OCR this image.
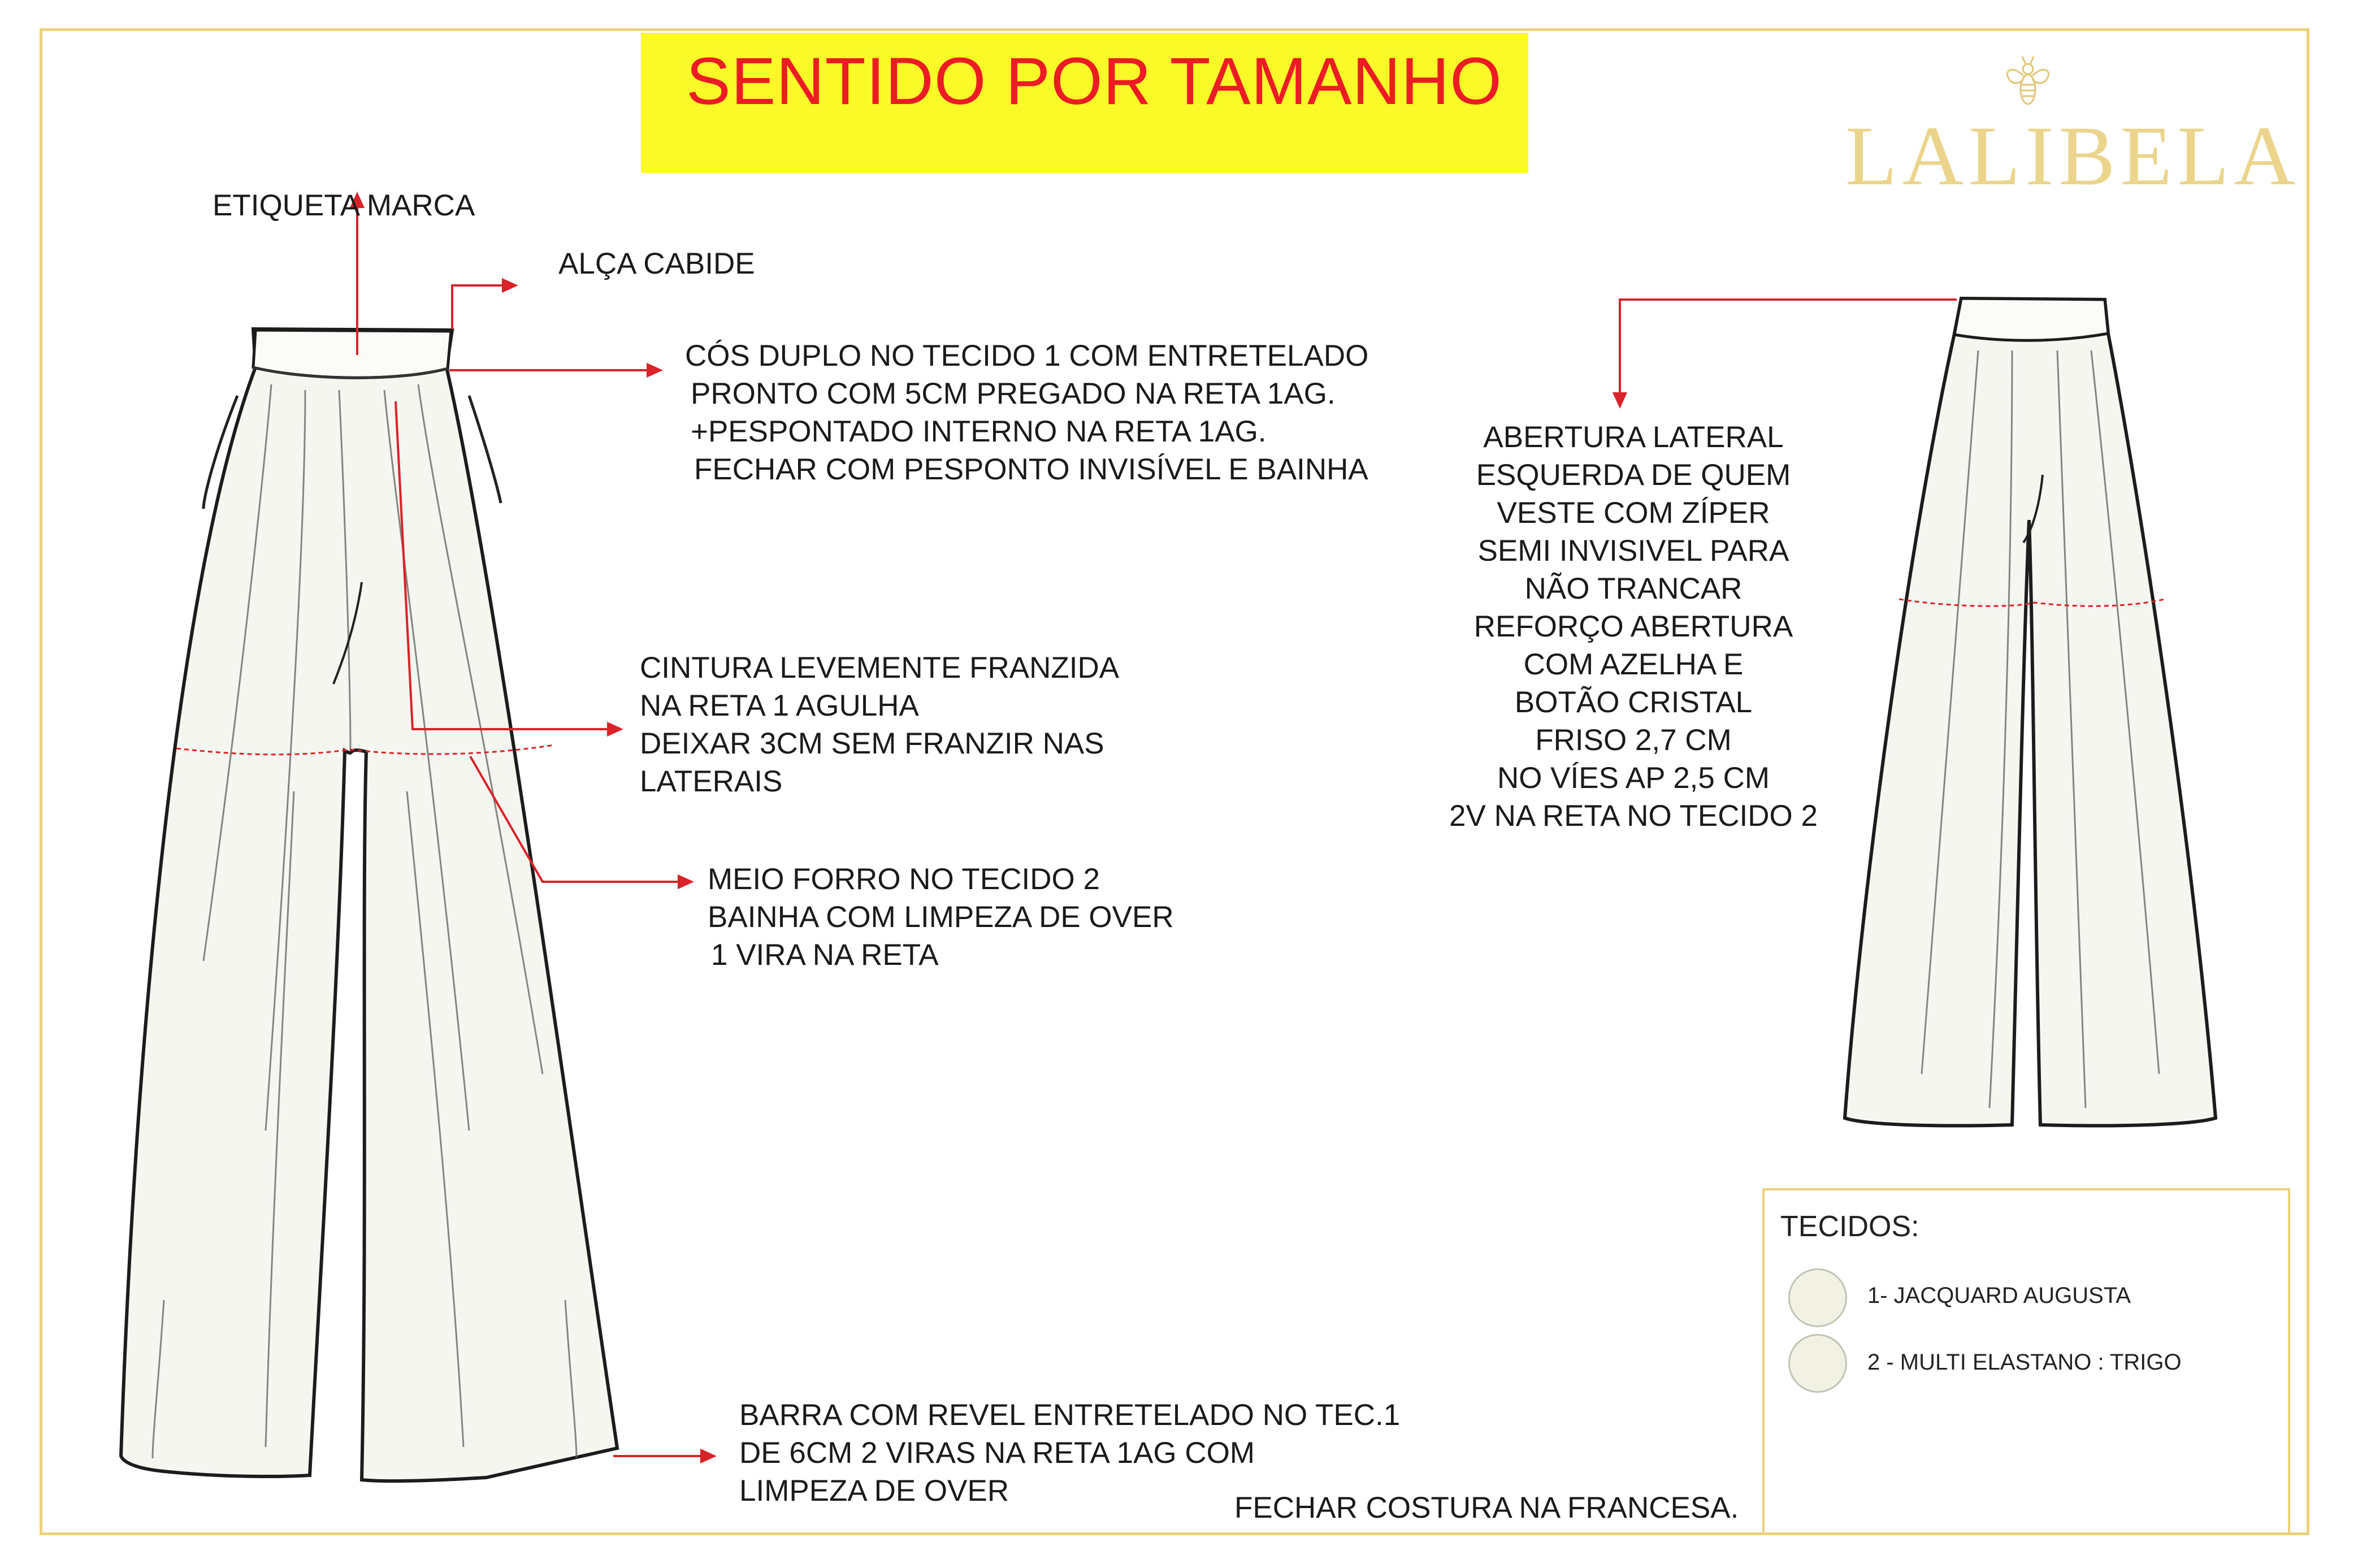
SENTIDO POR TAMANHO
LALIBELA
ETIQUETA MARCA
ALÇA CABIDE
CÓS DUPLO NO TECIDO 1 COM ENTRETELADO
PRONTO COM 5CM PREGADO NA RETA 1AG.
+PESPONTADO INTERNO NA RETA 1AG.
FECHAR COM PESPONTO INVISÍVEL E BAINHA
CINTURA LEVEMENTE FRANZIDA
NA RETA 1 AGULHA
DEIXAR 3CM SEM FRANZIR NAS
LATERAIS
MEIO FORRO NO TECIDO 2
BAINHA COM LIMPEZA DE OVER
1 VIRA NA RETA
BARRA COM REVEL ENTRETELADO NO TEC.1
DE 6CM 2 VIRAS NA RETA 1AG COM
LIMPEZA DE OVER
FECHAR COSTURA NA FRANCESA.
ABERTURA LATERAL
ESQUERDA DE QUEM
VESTE COM ZÍPER
SEMI INVISIVEL PARA
NÃO TRANCAR
REFORÇO ABERTURA
COM AZELHA E
BOTÃO CRISTAL
FRISO 2,7 CM
NO VÍES AP 2,5 CM
2V NA RETA NO TECIDO 2
TECIDOS:
1- JACQUARD AUGUSTA
2 - MULTI ELASTANO : TRIGO
